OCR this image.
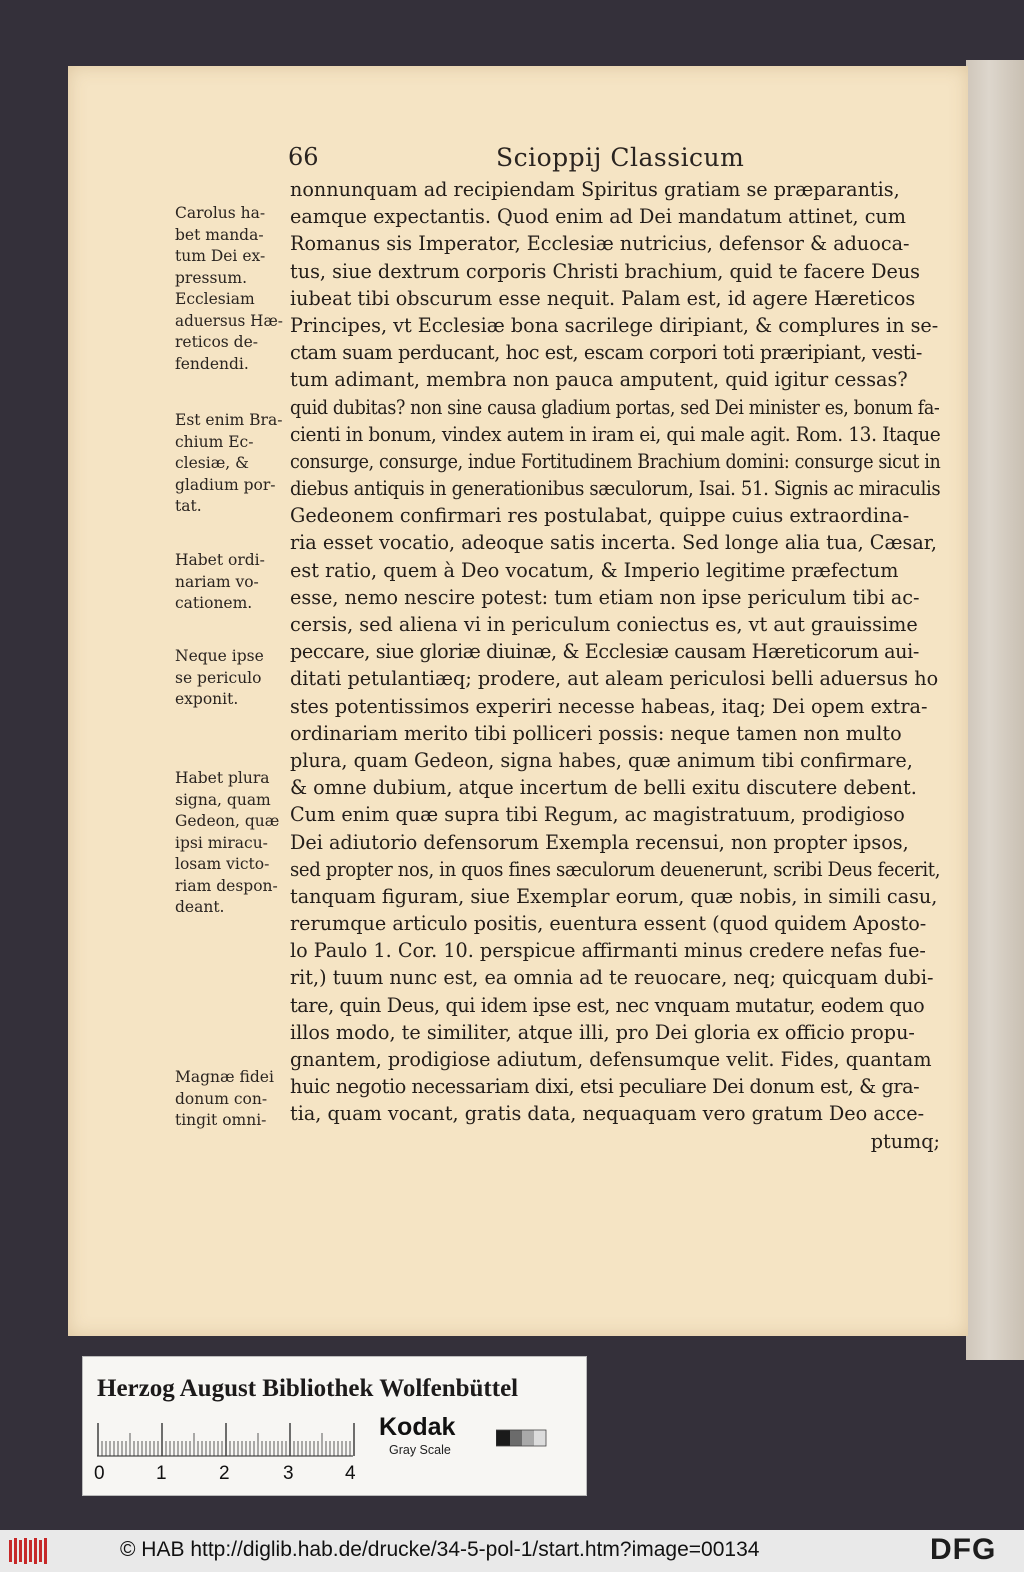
66	Scioppij Classicum
nonnunquam ad recipiendam Spiritus gratiam se præparantis,
eamque expectantis. Quod enim ad Dei mandatum attinet, cum
Romanus sis Imperator, Ecclesiæ nutricius, defensor & aduoca-
tus, siue dextrum corporis Christi brachium, quid te facere Deus
iubeat tibi obscurum esse nequit. Palam est, id agere Hæreticos
Principes, vt Ecclesiæ bona sacrilege diripiant, & complures in se-
ctam suam perducant, hoc est, escam corpori toti præripiant, vesti-
tum adimant, membra non pauca amputent, quid igitur cessas?
quid dubitas? non sine causa gladium portas, sed Dei minister es, bonum fa-
cienti in bonum, vindex autem in iram ei, qui male agit. Rom. 13. Itaque
consurge, consurge, indue Fortitudinem Brachium domini: consurge sicut in
diebus antiquis in generationibus sæculorum, Isai. 51. Signis ac miraculis
Gedeonem confirmari res postulabat, quippe cuius extraordina-
ria esset vocatio, adeoque satis incerta. Sed longe alia tua, Cæsar,
est ratio, quem à Deo vocatum, & Imperio legitime præfectum
esse, nemo nescire potest: tum etiam non ipse periculum tibi ac-
cersis, sed aliena vi in periculum coniectus es, vt aut grauissime
peccare, siue gloriæ diuinæ, & Ecclesiæ causam Hæreticorum aui-
ditati petulantiæq; prodere, aut aleam periculosi belli aduersus ho
stes potentissimos experiri necesse habeas, itaq; Dei opem extra-
ordinariam merito tibi polliceri possis: neque tamen non multo
plura, quam Gedeon, signa habes, quæ animum tibi confirmare,
& omne dubium, atque incertum de belli exitu discutere debent.
Cum enim quæ supra tibi Regum, ac magistratuum, prodigioso
Dei adiutorio defensorum Exempla recensui, non propter ipsos,
sed propter nos, in quos fines sæculorum deuenerunt, scribi Deus fecerit,
tanquam figuram, siue Exemplar eorum, quæ nobis, in simili casu,
rerumque articulo positis, euentura essent (quod quidem Aposto-
lo Paulo 1. Cor. 10. perspicue affirmanti minus credere nefas fue-
rit,) tuum nunc est, ea omnia ad te reuocare, neq; quicquam dubi-
tare, quin Deus, qui idem ipse est, nec vnquam mutatur, eodem quo
illos modo, te similiter, atque illi, pro Dei gloria ex officio propu-
gnantem, prodigiose adiutum, defensumque velit. Fides, quantam
huic negotio necessariam dixi, etsi peculiare Dei donum est, & gra-
tia, quam vocant, gratis data, nequaquam vero gratum Deo acce-
ptumq;
Carolus ha-
bet manda-
tum Dei ex-
pressum.
Ecclesiam
aduersus Hæ-
reticos de-
fendendi.
Est enim Bra-
chium Ec-
clesiæ, &
gladium por-
tat.
Habet ordi-
nariam vo-
cationem.
Neque ipse
se periculo
exponit.
Habet plura
signa, quam
Gedeon, quæ
ipsi miracu-
losam victo-
riam despon-
deant.
Magnæ fidei
donum con-
tingit omni-
Herzog August Bibliothek Wolfenbüttel
0	1	2	3	4
Kodak
Gray Scale
© HAB http://diglib.hab.de/drucke/34-5-pol-1/start.htm?image=00134	DFG
